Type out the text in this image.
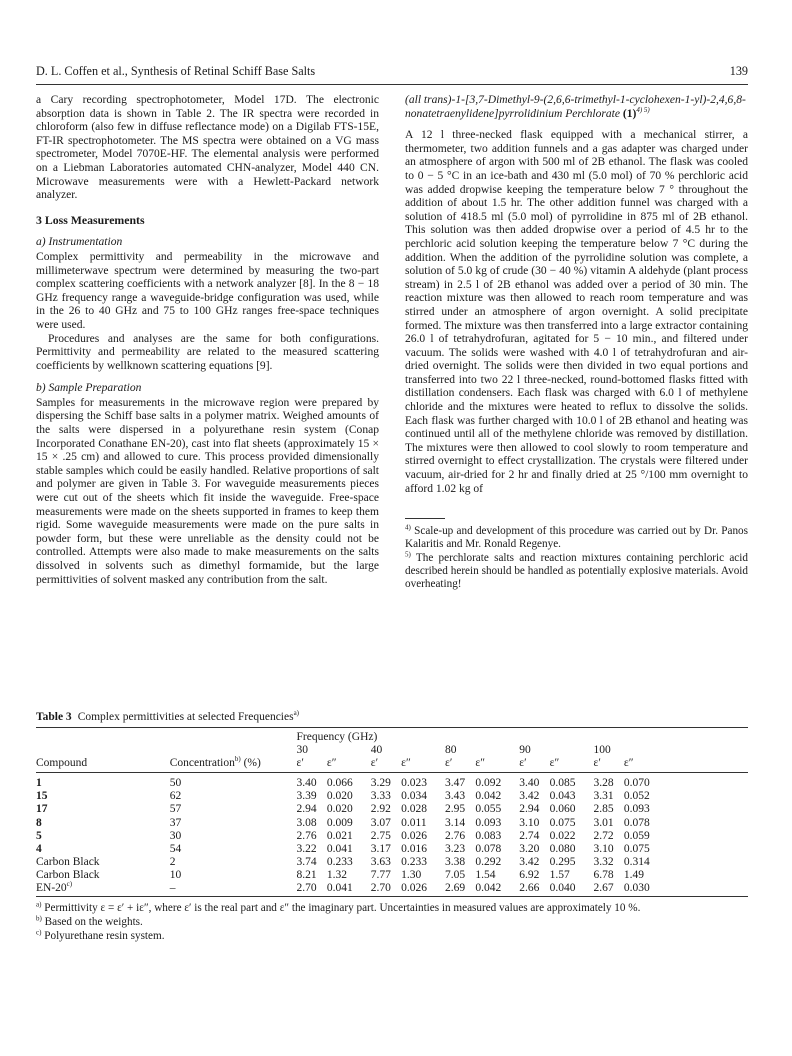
D. L. Coffen et al., Synthesis of Retinal Schiff Base Salts	139

a Cary recording spectrophotometer, Model 17D. The electronic absorption data is shown in Table 2. The IR spectra were recorded in chloroform (also few in diffuse reflectance mode) on a Digilab FTS-15E, FT-IR spectrophotometer. The MS spectra were obtained on a VG mass spectrometer, Model 7070E-HF. The elemental analysis were performed on a Liebman Laboratories automated CHN-analyzer, Model 440 CN. Microwave measurements were with a Hewlett-Packard network analyzer.

3 Loss Measurements
a) Instrumentation

Complex permittivity and permeability in the microwave and millimeterwave spectrum were determined by measuring the two-part complex scattering coefficients with a network analyzer [8]. In the 8 − 18 GHz frequency range a waveguide-bridge configuration was used, while in the 26 to 40 GHz and 75 to 100 GHz ranges free-space techniques were used.

Procedures and analyses are the same for both configurations. Permittivity and permeability are related to the measured scattering coefficients by wellknown scattering equations [9].

b) Sample Preparation

Samples for measurements in the microwave region were prepared by dispersing the Schiff base salts in a polymer matrix. Weighed amounts of the salts were dispersed in a polyurethane resin system (Conap Incorporated Conathane EN-20), cast into flat sheets (approximately 15 × 15 × .25 cm) and allowed to cure. This process provided dimensionally stable samples which could be easily handled. Relative proportions of salt and polymer are given in Table 3. For waveguide measurements pieces were cut out of the sheets which fit inside the waveguide. Free-space measurements were made on the sheets supported in frames to keep them rigid. Some waveguide measurements were made on the pure salts in powder form, but these were unreliable as the density could not be controlled. Attempts were also made to make measurements on the salts dissolved in solvents such as dimethyl formamide, but the large permittivities of solvent masked any contribution from the salt.

(all trans)-1-[3,7-Dimethyl-9-(2,6,6-trimethyl-1-cyclohexen-1-yl)-2,4,6,8-nonatetraenylidene]pyrrolidinium Perchlorate $(1)^{4) 5)}$

A 12 l three-necked flask equipped with a mechanical stirrer, a thermometer, two addition funnels and a gas adapter was charged under an atmosphere of argon with 500 ml of 2B ethanol. The flask was cooled to 0 − 5 °C in an ice-bath and 430 ml (5.0 mol) of 70 % perchloric acid was added dropwise keeping the temperature below 7 ° throughout the addition of about 1.5 hr. The other addition funnel was charged with a solution of 418.5 ml (5.0 mol) of pyrrolidine in 875 ml of 2B ethanol. This solution was then added dropwise over a period of 4.5 hr to the perchloric acid solution keeping the temperature below 7 °C during the addition. When the addition of the pyrrolidine solution was complete, a solution of 5.0 kg of crude (30 − 40 %) vitamin A aldehyde (plant process stream) in 2.5 l of 2B ethanol was added over a period of 30 min. The reaction mixture was then allowed to reach room temperature and was stirred under an atmosphere of argon overnight. A solid precipitate formed. The mixture was then transferred into a large extractor containing 26.0 l of tetrahydrofuran, agitated for 5 − 10 min., and filtered under vacuum. The solids were washed with 4.0 l of tetrahydrofuran and air-dried overnight. The solids were then divided in two equal portions and transferred into two 22 l three-necked, round-bottomed flasks fitted with distillation condensers. Each flask was charged with 6.0 l of methylene chloride and the mixtures were heated to reflux to dissolve the solids. Each flask was further charged with 10.0 l of 2B ethanol and heating was continued until all of the methylene chloride was removed by distillation. The mixtures were then allowed to cool slowly to room temperature and stirred overnight to effect crystallization. The crystals were filtered under vacuum, air-dried for 2 hr and finally dried at 25 °/100 mm overnight to afford 1.02 kg of

$^{4)}$ Scale-up and development of this procedure was carried out by Dr. Panos Kalaritis and Mr. Ronald Regenye.

$^{5)}$ The perchlorate salts and reaction mixtures containing perchloric acid described herein should be handled as potentially explosive materials. Avoid overheating!

Table 3 Complex permittivities at selected Frequencies$^{a)}$
		Frequency (GHz)									
		30		40		80		90		100	
Compound	Concentration$^{b)}$ (%)	ε′	ε″	ε′	ε″	ε′	ε″	ε′	ε″	ε′	ε″
1	50	3.40	0.066	3.29	0.023	3.47	0.092	3.40	0.085	3.28	0.070
15	62	3.39	0.020	3.33	0.034	3.43	0.042	3.42	0.043	3.31	0.052
17	57	2.94	0.020	2.92	0.028	2.95	0.055	2.94	0.060	2.85	0.093
8	37	3.08	0.009	3.07	0.011	3.14	0.093	3.10	0.075	3.01	0.078
5	30	2.76	0.021	2.75	0.026	2.76	0.083	2.74	0.022	2.72	0.059
4	54	3.22	0.041	3.17	0.016	3.23	0.078	3.20	0.080	3.10	0.075
Carbon Black	2	3.74	0.233	3.63	0.233	3.38	0.292	3.42	0.295	3.32	0.314
Carbon Black	10	8.21	1.32	7.77	1.30	7.05	1.54	6.92	1.57	6.78	1.49
EN-20$^{c)}$	–	2.70	0.041	2.70	0.026	2.69	0.042	2.66	0.040	2.67	0.030

$^{a)}$ Permittivity ε = ε′ + iε″, where ε′ is the real part and ε″ the imaginary part. Uncertainties in measured values are approximately 10 %.

$^{b)}$ Based on the weights.

$^{c)}$ Polyurethane resin system.
